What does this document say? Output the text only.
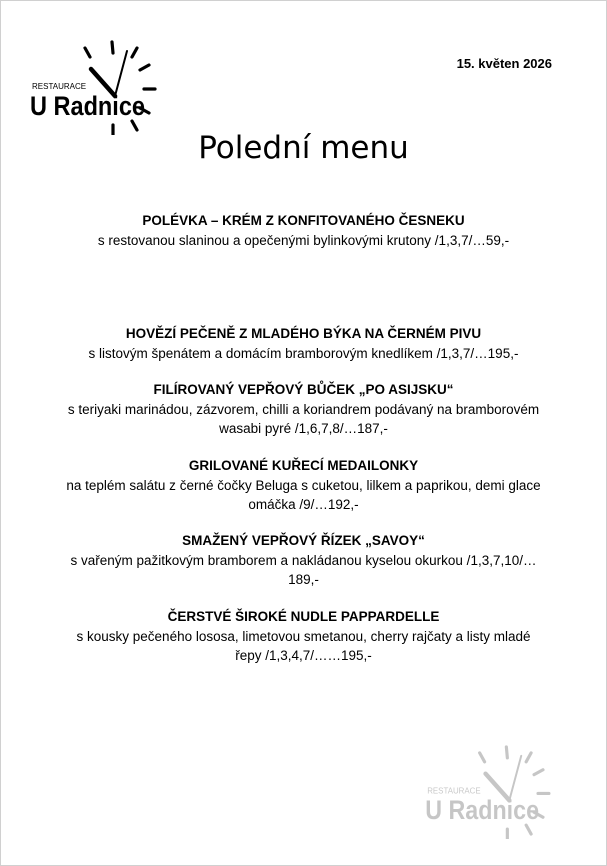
RESTAURACE
U Radnice
15. květen 2026
Polední menu
POLÉVKA – KRÉM Z KONFITOVANÉHO ČESNEKU
s restovanou slaninou a opečenými bylinkovými krutony /1,3,7/…59,-
HOVĚZÍ PEČENĚ Z MLADÉHO BÝKA NA ČERNÉM PIVU
s listovým špenátem a domácím bramborovým knedlíkem /1,3,7/…195,-
FILÍROVANÝ VEPŘOVÝ BŮČEK „PO ASIJSKU“
s teriyaki marinádou, zázvorem, chilli a koriandrem podávaný na bramborovém wasabi pyré /1,6,7,8/…187,-
GRILOVANÉ KUŘECÍ MEDAILONKY
na teplém salátu z černé čočky Beluga s cuketou, lilkem a paprikou, demi glace omáčka /9/…192,-
SMAŽENÝ VEPŘOVÝ ŘÍZEK „SAVOY“
s vařeným pažitkovým bramborem a nakládanou kyselou okurkou /1,3,7,10/…189,-
ČERSTVÉ ŠIROKÉ NUDLE PAPPARDELLE
s kousky pečeného lososa, limetovou smetanou, cherry rajčaty a listy mladé řepy /1,3,4,7/……195,-
RESTAURACE
U Radnice
